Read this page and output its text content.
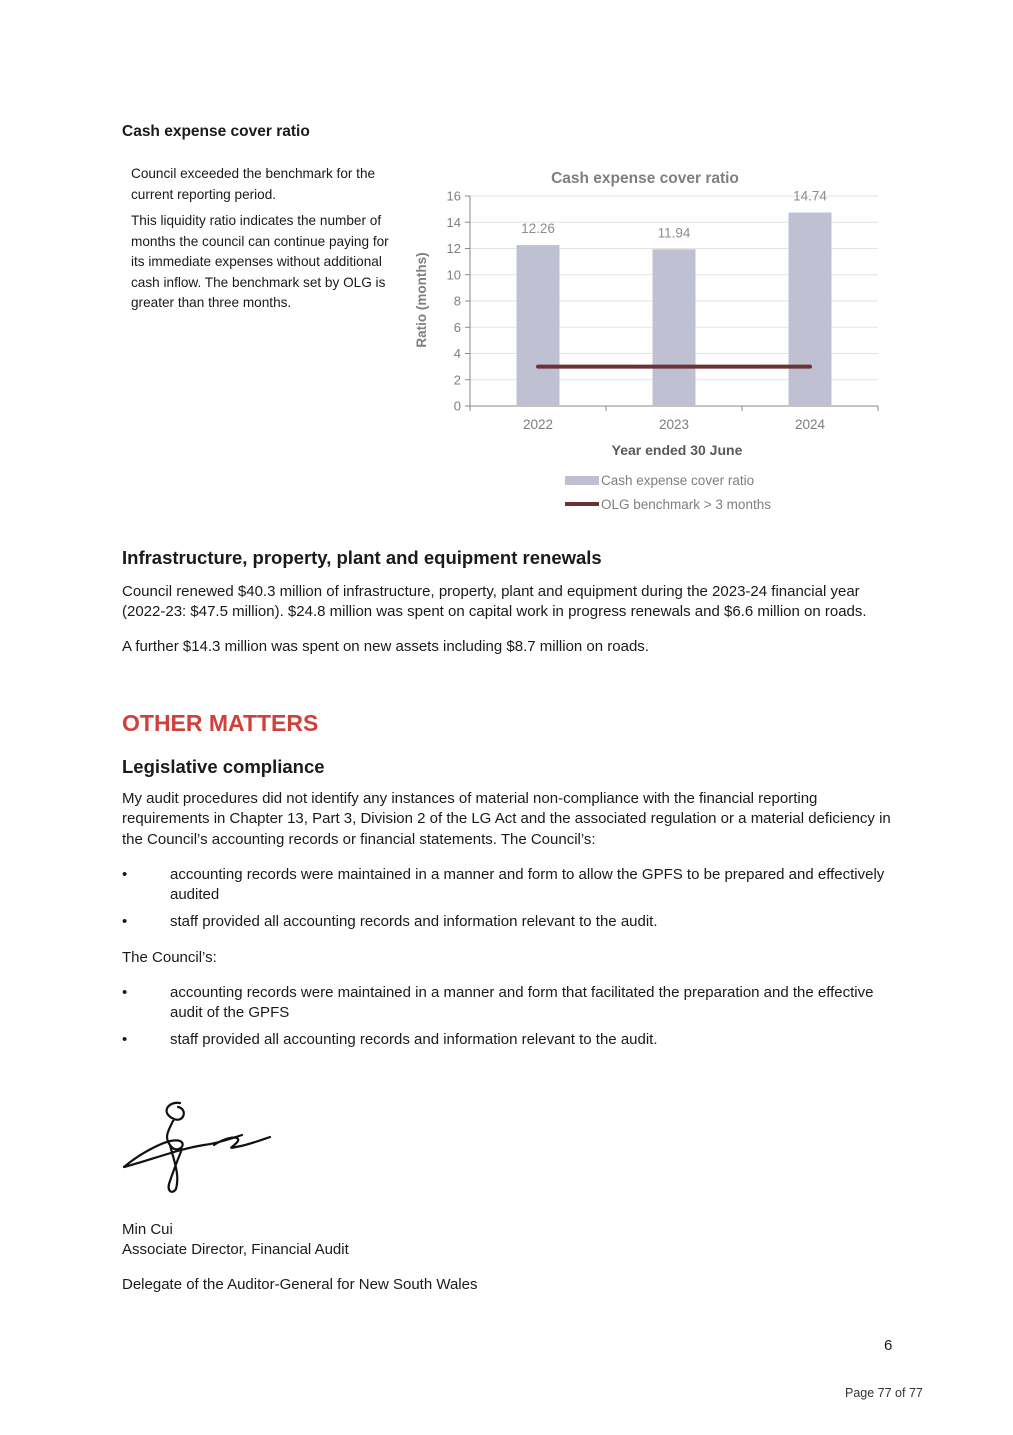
Cash expense cover ratio

Council exceeded the benchmark for the current reporting period.

This liquidity ratio indicates the number of months the council can continue paying for its immediate expenses without additional cash inflow. The benchmark set by OLG is greater than three months.

Cash expense cover ratio
12.26	11.94
14.74
0
2
4
6
8
10
12
14
16
2022	2023	2024
Year ended 30 June
Ratio (months)
Cash expense cover ratio
OLG benchmark > 3 months
Infrastructure, property, plant and equipment renewals

Council renewed $40.3 million of infrastructure, property, plant and equipment during the 2023-24 financial year (2022-23: $47.5 million). $24.8 million was spent on capital work in progress renewals and $6.6 million on roads.

A further $14.3 million was spent on new assets including $8.7 million on roads.

OTHER MATTERS
Legislative compliance
My audit procedures did not identify any instances of material non-compliance with the financial reporting requirements in Chapter 13, Part 3, Division 2 of the LG Act and the associated regulation or a material deficiency in the Council’s accounting records or financial statements. The Council’s:
•	accounting records were maintained in a manner and form to allow the GPFS to be prepared and effectively audited
•	staff provided all accounting records and information relevant to the audit.
The Council’s:
•	accounting records were maintained in a manner and form that facilitated the preparation and the effective audit of the GPFS
•	staff provided all accounting records and information relevant to the audit.

Min Cui

Associate Director, Financial Audit

Delegate of the Auditor-General for New South Wales

6
Page 77 of 77
